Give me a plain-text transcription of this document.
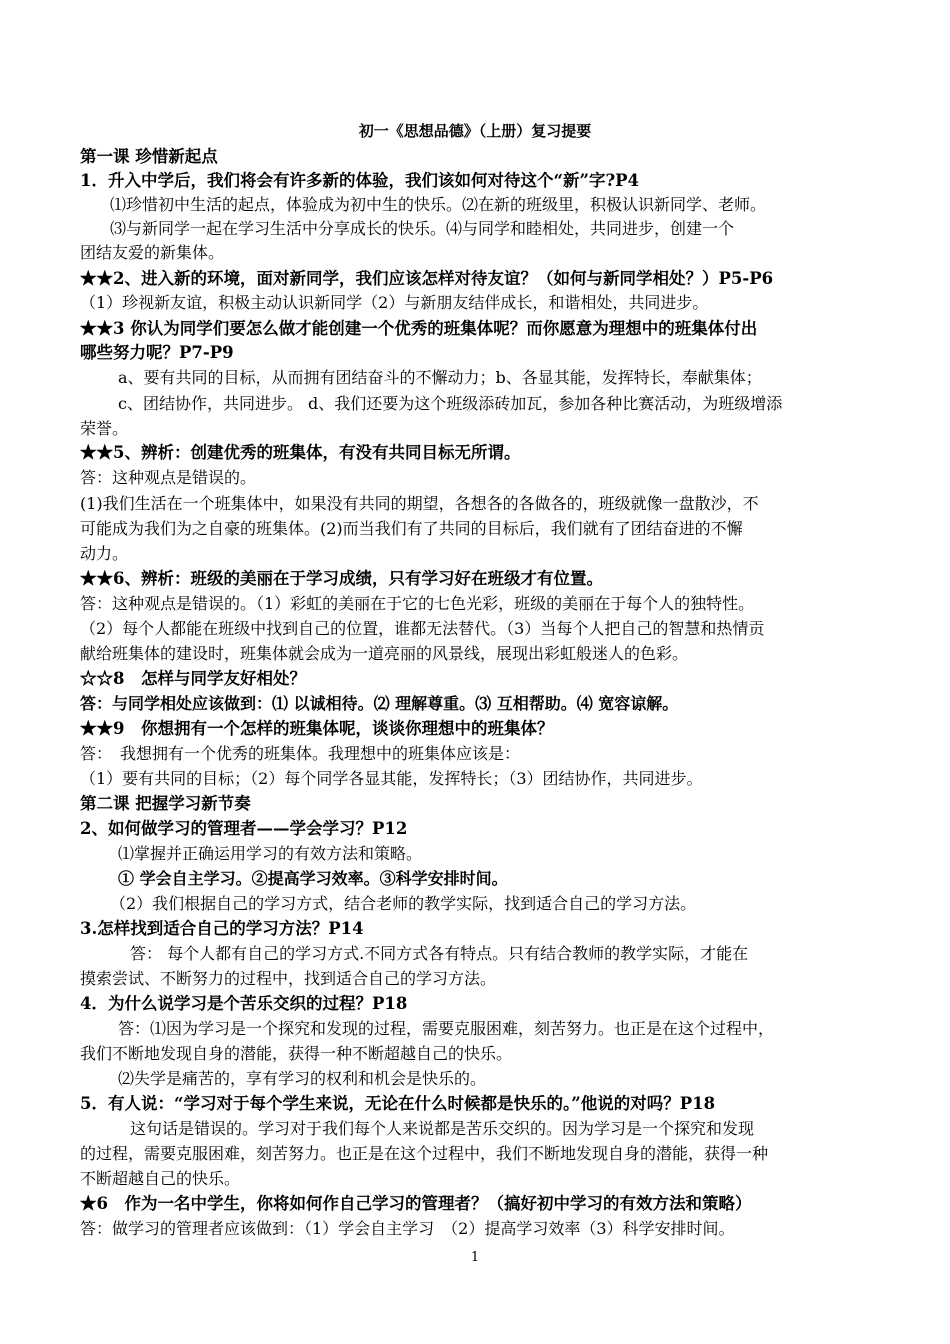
初一《思想品德》（上册）复习提要
第一课 珍惜新起点
1．升入中学后，我们将会有许多新的体验，我们该如何对待这个“新”字?P4
⑴珍惜初中生活的起点，体验成为初中生的快乐。⑵在新的班级里，积极认识新同学、老师。
⑶与新同学一起在学习生活中分享成长的快乐。⑷与同学和睦相处，共同进步，创建一个
团结友爱的新集体。
★★2、进入新的环境，面对新同学，我们应该怎样对待友谊？（如何与新同学相处？）P5-P6
（1）珍视新友谊，积极主动认识新同学（2）与新朋友结伴成长，和谐相处，共同进步。
★★3 你认为同学们要怎么做才能创建一个优秀的班集体呢？而你愿意为理想中的班集体付出
哪些努力呢？P7-P9
a、要有共同的目标，从而拥有团结奋斗的不懈动力；b、各显其能，发挥特长，奉献集体；
c、团结协作，共同进步。 d、我们还要为这个班级添砖加瓦，参加各种比赛活动，为班级增添
荣誉。
★★5、辨析：创建优秀的班集体，有没有共同目标无所谓。
答：这种观点是错误的。
(1)我们生活在一个班集体中，如果没有共同的期望，各想各的各做各的，班级就像一盘散沙，不
可能成为我们为之自豪的班集体。(2)而当我们有了共同的目标后，我们就有了团结奋进的不懈
动力。
★★6、辨析：班级的美丽在于学习成绩，只有学习好在班级才有位置。
答：这种观点是错误的。（1）彩虹的美丽在于它的七色光彩，班级的美丽在于每个人的独特性。
（2）每个人都能在班级中找到自己的位置，谁都无法替代。（3）当每个人把自己的智慧和热情贡
献给班集体的建设时，班集体就会成为一道亮丽的风景线，展现出彩虹般迷人的色彩。
☆☆8　怎样与同学友好相处？
答：与同学相处应该做到：⑴ 以诚相待。⑵ 理解尊重。⑶ 互相帮助。⑷ 宽容谅解。
★★9　你想拥有一个怎样的班集体呢，谈谈你理想中的班集体？
答：　我想拥有一个优秀的班集体。我理想中的班集体应该是：
（1）要有共同的目标；（2）每个同学各显其能，发挥特长；（3）团结协作，共同进步。
第二课 把握学习新节奏
2、如何做学习的管理者——学会学习？P12
⑴掌握并正确运用学习的有效方法和策略。
① 学会自主学习。②提高学习效率。③科学安排时间。
（2）我们根据自己的学习方式，结合老师的教学实际，找到适合自己的学习方法。
3.怎样找到适合自己的学习方法？P14
答： 每个人都有自己的学习方式.不同方式各有特点。只有结合教师的教学实际，才能在
摸索尝试、不断努力的过程中，找到适合自己的学习方法。
4．为什么说学习是个苦乐交织的过程？P18
答：⑴因为学习是一个探究和发现的过程，需要克服困难，刻苦努力。也正是在这个过程中，
我们不断地发现自身的潜能，获得一种不断超越自己的快乐。
⑵失学是痛苦的，享有学习的权利和机会是快乐的。
5．有人说：“学习对于每个学生来说，无论在什么时候都是快乐的。”他说的对吗？P18
这句话是错误的。学习对于我们每个人来说都是苦乐交织的。因为学习是一个探究和发现
的过程，需要克服困难，刻苦努力。也正是在这个过程中，我们不断地发现自身的潜能，获得一种
不断超越自己的快乐。
★6　作为一名中学生，你将如何作自己学习的管理者？（搞好初中学习的有效方法和策略）
答：做学习的管理者应该做到：（1）学会自主学习　（2）提高学习效率（3）科学安排时间。
1
